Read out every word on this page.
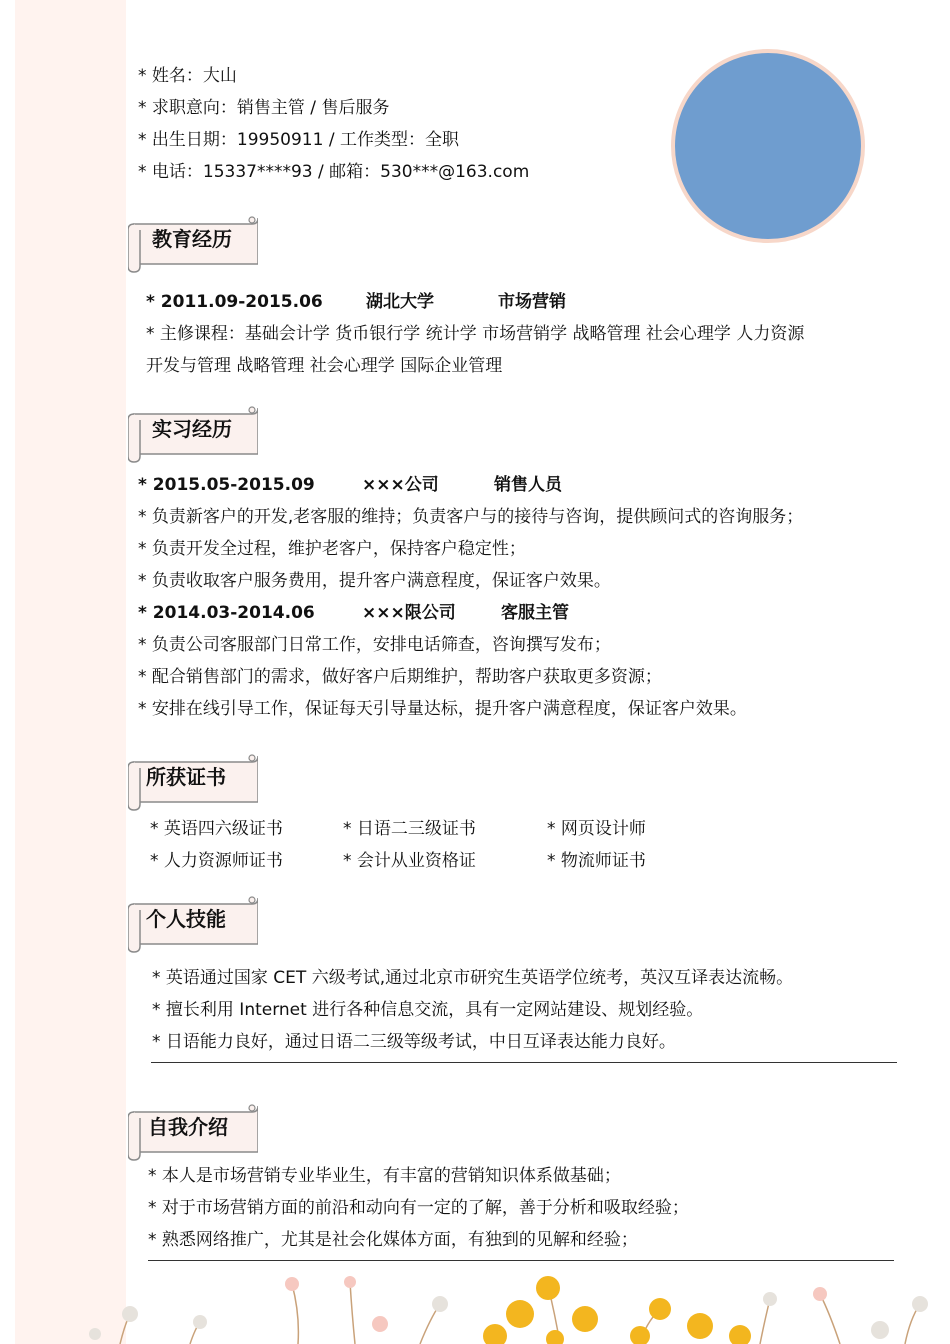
* 姓名：大山
* 求职意向：销售主管 / 售后服务
* 出生日期：19950911 / 工作类型：全职
* 电话：15337****93 / 邮箱：530***@163.com
教育经历
* 2011.09-2015.06	湖北大学	市场营销
* 主修课程：基础会计学 货币银行学 统计学 市场营销学 战略管理 社会心理学 人力资源
开发与管理 战略管理 社会心理学 国际企业管理
实习经历
* 2015.05-2015.09	×××公司	销售人员
* 负责新客户的开发,老客服的维持；负责客户与的接待与咨询，提供顾问式的咨询服务；
* 负责开发全过程，维护老客户，保持客户稳定性；
* 负责收取客户服务费用，提升客户满意程度，保证客户效果。
* 2014.03-2014.06	×××限公司	客服主管
* 负责公司客服部门日常工作，安排电话筛查，咨询撰写发布；
* 配合销售部门的需求，做好客户后期维护，帮助客户获取更多资源；
* 安排在线引导工作，保证每天引导量达标，提升客户满意程度，保证客户效果。
所获证书
* 英语四六级证书	* 日语二三级证书	* 网页设计师
* 人力资源师证书	* 会计从业资格证	* 物流师证书
个人技能
* 英语通过国家 CET 六级考试,通过北京市研究生英语学位统考，英汉互译表达流畅。
* 擅长利用 Internet 进行各种信息交流，具有一定网站建设、规划经验。
* 日语能力良好，通过日语二三级等级考试，中日互译表达能力良好。
自我介绍
* 本人是市场营销专业毕业生，有丰富的营销知识体系做基础；
* 对于市场营销方面的前沿和动向有一定的了解，善于分析和吸取经验；
* 熟悉网络推广，尤其是社会化媒体方面，有独到的见解和经验；
